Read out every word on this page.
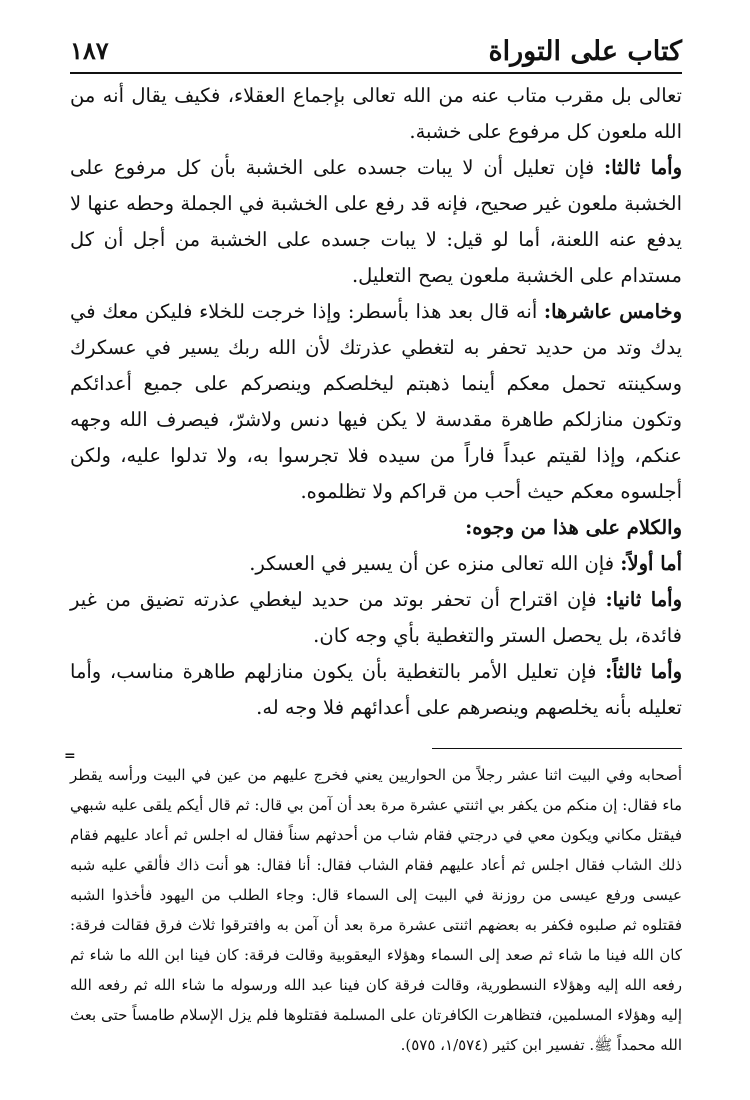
كتاب على التوراة
١٨٧

تعالى بل مقرب متاب عنه من الله تعالى بإجماع العقلاء، فكيف يقال أنه من الله ملعون كل مرفوع على خشبة.

وأما ثالثا: فإن تعليل أن لا يبات جسده على الخشبة بأن كل مرفوع على الخشبة ملعون غير صحيح، فإنه قد رفع على الخشبة في الجملة وحطه عنها لا يدفع عنه اللعنة، أما لو قيل: لا يبات جسده على الخشبة من أجل أن كل مستدام على الخشبة ملعون يصح التعليل.

وخامس عاشرها: أنه قال بعد هذا بأسطر: وإذا خرجت للخلاء فليكن معك في يدك وتد من حديد تحفر به لتغطي عذرتك لأن الله ربك يسير في عسكرك وسكينته تحمل معكم أينما ذهبتم ليخلصكم وينصركم على جميع أعدائكم وتكون منازلكم طاهرة مقدسة لا يكن فيها دنس ولاشرّ، فيصرف الله وجهه عنكم، وإذا لقيتم عبداً فاراً من سيده فلا تجرسوا به، ولا تدلوا عليه، ولكن أجلسوه معكم حيث أحب من قراكم ولا تظلموه.

والكلام على هذا من وجوه:

أما أولاً: فإن الله تعالى منزه عن أن يسير في العسكر.

وأما ثانيا: فإن اقتراح أن تحفر بوتد من حديد ليغطي عذرته تضيق من غير فائدة، بل يحصل الستر والتغطية بأي وجه كان.

وأما ثالثاً: فإن تعليل الأمر بالتغطية بأن يكون منازلهم طاهرة مناسب، وأما تعليله بأنه يخلصهم وينصرهم على أعدائهم فلا وجه له.

=

أصحابه وفي البيت اثنا عشر رجلاً من الحواريين يعني فخرج عليهم من عين في البيت ورأسه يقطر ماء فقال: إن منكم من يكفر بي اثنتي عشرة مرة بعد أن آمن بي قال: ثم قال أيكم يلقى عليه شبهي فيقتل مكاني ويكون معي في درجتي فقام شاب من أحدثهم سناً فقال له اجلس ثم أعاد عليهم فقام ذلك الشاب فقال اجلس ثم أعاد عليهم فقام الشاب فقال: أنا فقال: هو أنت ذاك فألقي عليه شبه عيسى ورفع عيسى من روزنة في البيت إلى السماء قال: وجاء الطلب من اليهود فأخذوا الشبه فقتلوه ثم صلبوه فكفر به بعضهم اثنتى عشرة مرة بعد أن آمن به وافترقوا ثلاث فرق فقالت فرقة: كان الله فينا ما شاء ثم صعد إلى السماء وهؤلاء اليعقوبية وقالت فرقة: كان فينا ابن الله ما شاء ثم رفعه الله إليه وهؤلاء النسطورية، وقالت فرقة كان فينا عبد الله ورسوله ما شاء الله ثم رفعه الله إليه وهؤلاء المسلمين، فتظاهرت الكافرتان على المسلمة فقتلوها فلم يزل الإسلام طامساً حتى بعث الله محمداً ﷺ. تفسير ابن كثير (١/٥٧٤، ٥٧٥).
